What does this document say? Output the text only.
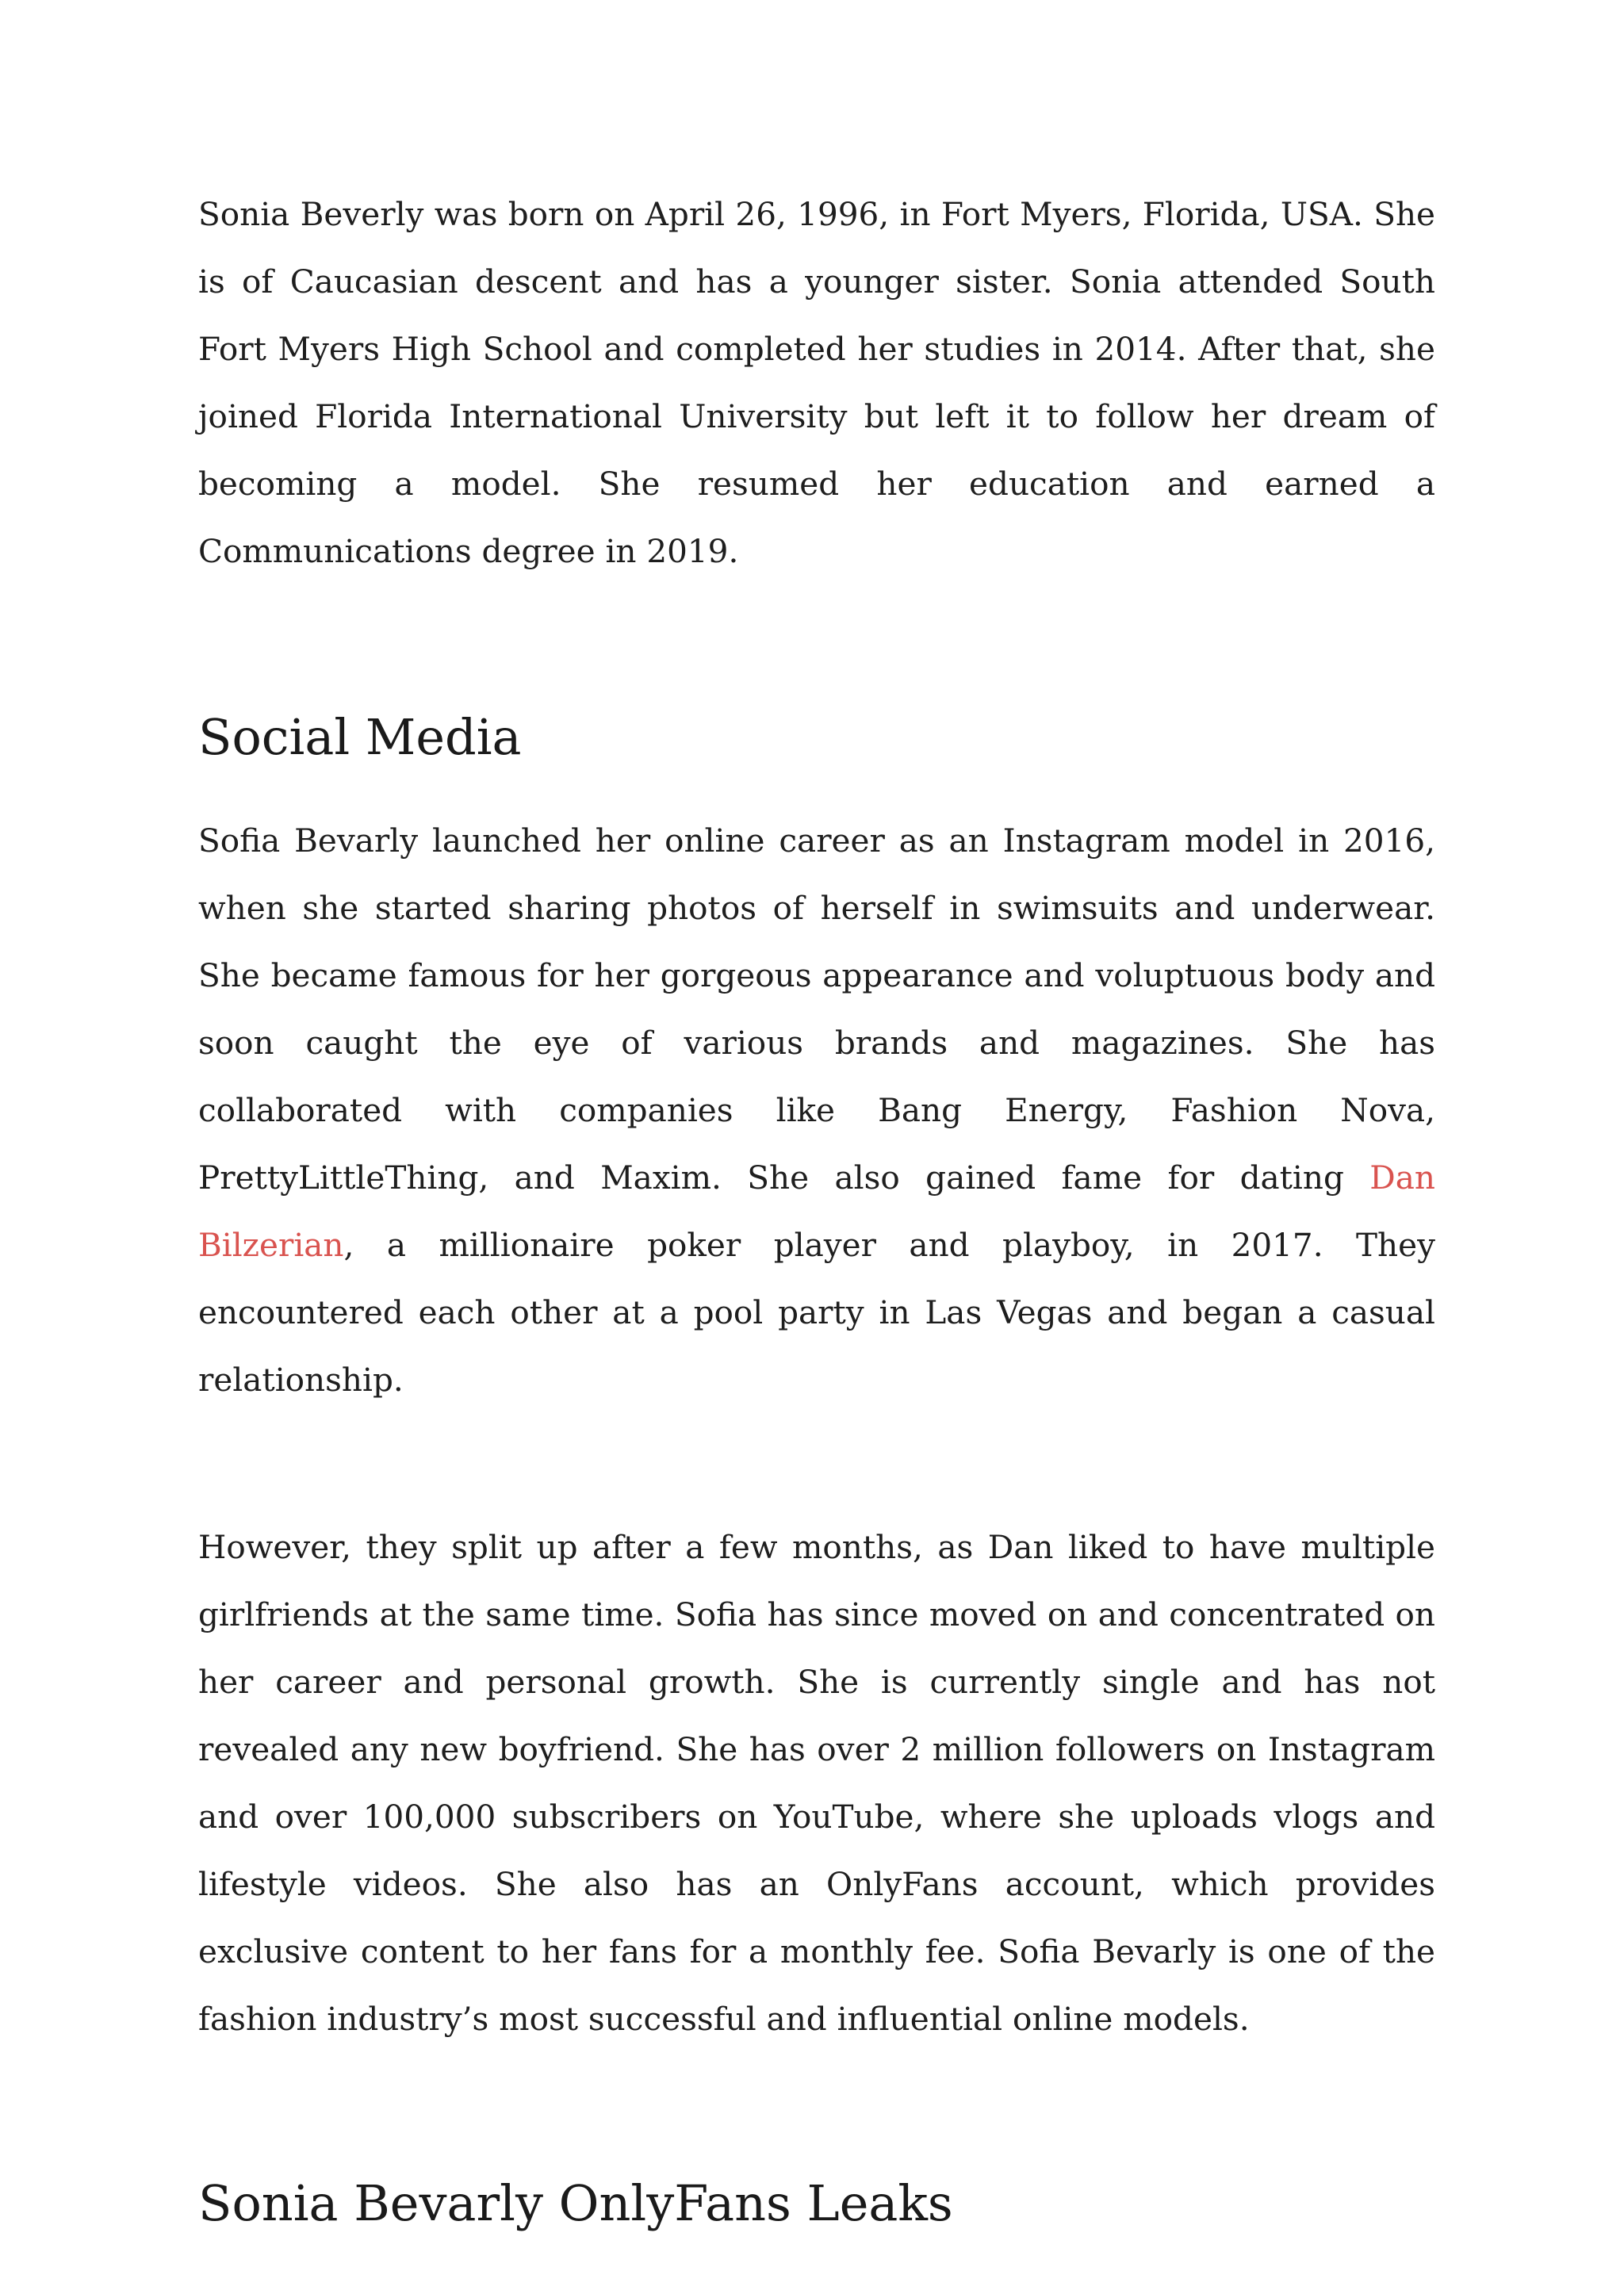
Sonia Beverly was born on April 26, 1996, in Fort Myers, Florida, USA. She is of Caucasian descent and has a younger sister. Sonia attended South Fort Myers High School and completed her studies in 2014. After that, she joined Florida International University but left it to follow her dream of becoming a model. She resumed her education and earned a Communications degree in 2019.

Social Media

Sofia Bevarly launched her online career as an Instagram model in 2016, when she started sharing photos of herself in swimsuits and underwear. She became famous for her gorgeous appearance and voluptuous body and soon caught the eye of various brands and magazines. She has collaborated with companies like Bang Energy, Fashion Nova, PrettyLittleThing, and Maxim. She also gained fame for dating Dan Bilzerian, a millionaire poker player and playboy, in 2017. They encountered each other at a pool party in Las Vegas and began a casual relationship.

However, they split up after a few months, as Dan liked to have multiple girlfriends at the same time. Sofia has since moved on and concentrated on her career and personal growth. She is currently single and has not revealed any new boyfriend. She has over 2 million followers on Instagram and over 100,000 subscribers on YouTube, where she uploads vlogs and lifestyle videos. She also has an OnlyFans account, which provides exclusive content to her fans for a monthly fee. Sofia Bevarly is one of the fashion industry’s most successful and influential online models.

Sonia Bevarly OnlyFans Leaks
